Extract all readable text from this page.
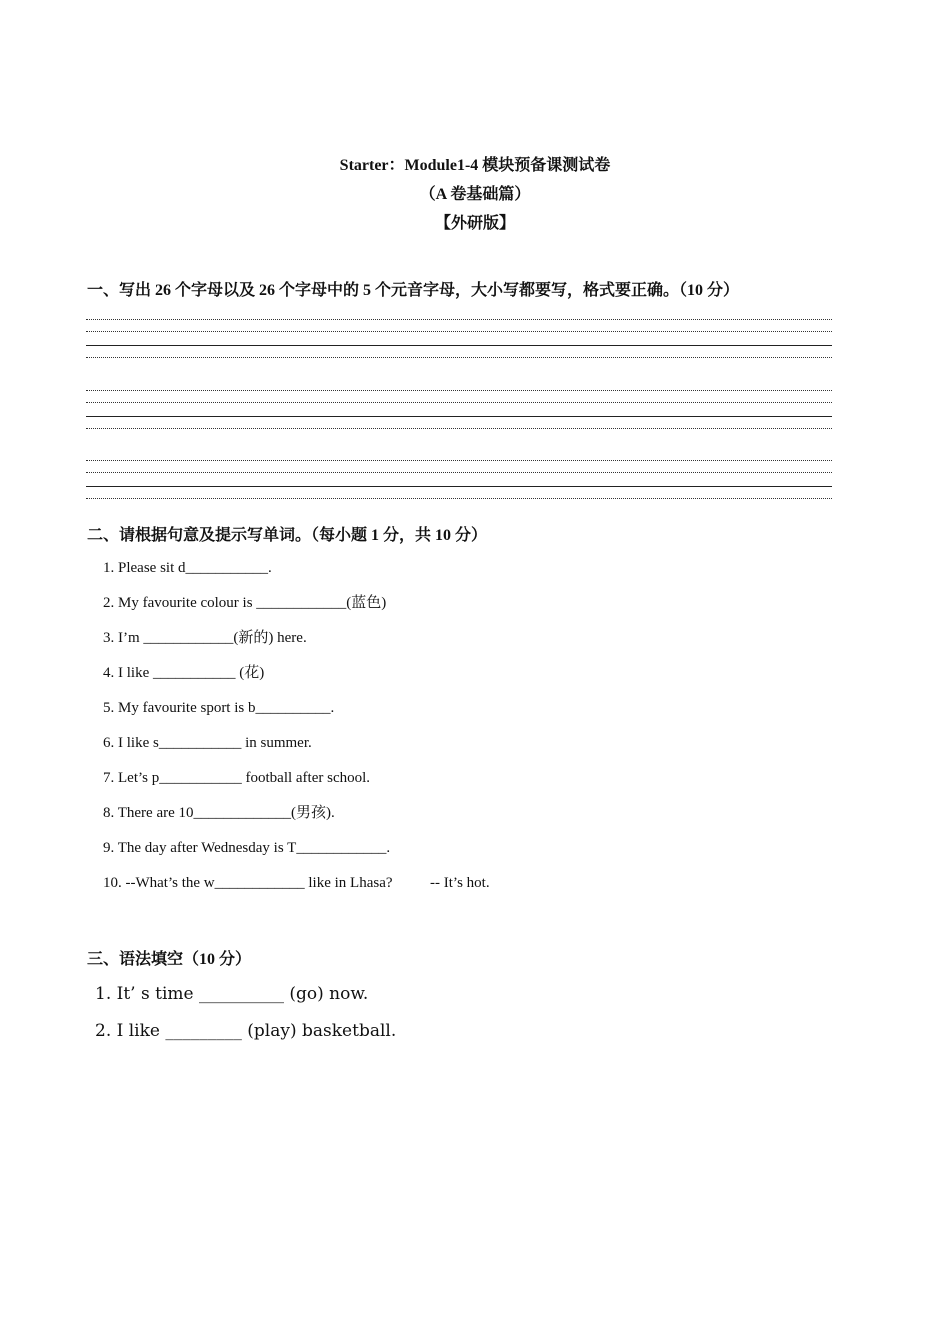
Starter：Module1-4 模块预备课测试卷
（A 卷基础篇）
【外研版】
一、写出 26 个字母以及 26 个字母中的 5 个元音字母，大小写都要写，格式要正确。（10 分）
二、请根据句意及提示写单词。（每小题 1 分，共 10 分）
1. Please sit d___________.
2. My favourite colour is ____________(蓝色)
3. I’m ____________(新的) here.
4. I like ___________ (花)
5. My favourite sport is b__________.
6. I like s___________ in summer.
7. Let’s p___________ football after school.
8. There are 10_____________(男孩).
9. The day after Wednesday is T____________.
10. --What’s the w____________ like in Lhasa?          -- It’s hot.
三、语法填空（10 分）
1. It’ s time __________ (go) now.
2. I like _________ (play) basketball.
